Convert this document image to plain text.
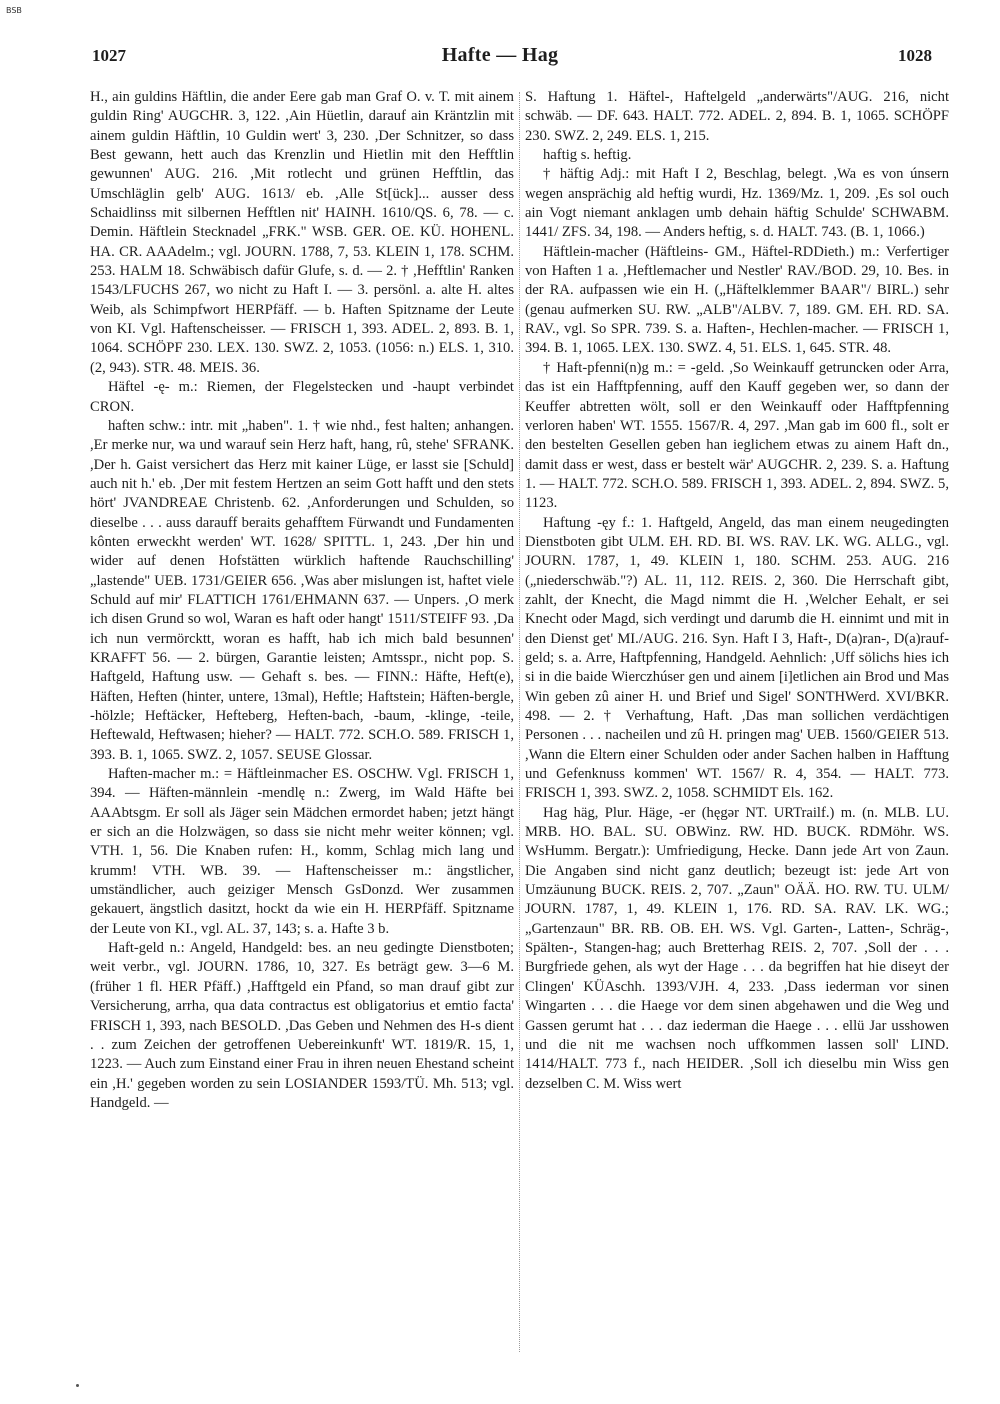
BSB
1027	Hafte — Hag	1028

H., ain guldins Häftlin, die ander Eere gab man Graf O. v. T. mit ainem guldin Ring' AUGCHR. 3, 122. ,Ain Hüetlin, darauf ain Kräntzlin mit ainem guldin Häftlin, 10 Guldin wert' 3, 230. ,Der Schnitzer, so dass Best gewann, hett auch das Krenzlin und Hietlin mit den Hefftlin gewunnen' AUG. 216. ,Mit rotlecht und grünen Hefftlin, das Umschläglin gelb' AUG. 1613/ eb. ,Alle St[ück]... ausser dess Schaidlinss mit silbernen Hefftlen nit' HAINH. 1610/QS. 6, 78. — c. Demin. Häftlein Stecknadel „FRK." WSB. GER. OE. KÜ. HOHENL. HA. CR. AAAdelm.; vgl. JOURN. 1788, 7, 53. KLEIN 1, 178. SCHM. 253. HALM 18. Schwäbisch dafür Glufe, s. d. — 2. † ,Hefftlin' Ranken 1543/LFUCHS 267, wo nicht zu Haft I. — 3. persönl. a. alte H. altes Weib, als Schimpfwort HERPfäff. — b. Haften Spitzname der Leute von KI. Vgl. Haftenscheisser. — FRISCH 1, 393. ADEL. 2, 893. B. 1, 1064. SCHÖPF 230. LEX. 130. SWZ. 2, 1053. (1056: n.) ELS. 1, 310. (2, 943). STR. 48. MEIS. 36.

Häftel -ę- m.: Riemen, der Flegelstecken und -haupt verbindet CRON.

haften schw.: intr. mit „haben". 1. † wie nhd., fest halten; anhangen. ,Er merke nur, wa und warauf sein Herz haft, hang, rû, stehe' SFRANK. ,Der h. Gaist versichert das Herz mit kainer Lüge, er lasst sie [Schuld] auch nit h.' eb. ,Der mit festem Hertzen an seim Gott hafft und den stets hört' JVANDREAE Christenb. 62. ,Anforderungen und Schulden, so dieselbe . . . auss darauff beraits gehafftem Fürwandt und Fundamenten kônten erweckht werden' WT. 1628/ SPITTL. 1, 243. ,Der hin und wider auf denen Hofstätten würklich haftende Rauchschilling' „lastende" UEB. 1731/GEIER 656. ,Was aber mislungen ist, haftet viele Schuld auf mir' FLATTICH 1761/EHMANN 637. — Unpers. ,O merk ich disen Grund so wol, Waran es haft oder hangt' 1511/STEIFF 93. ,Da ich nun vermörcktt, woran es hafft, hab ich mich bald besunnen' KRAFFT 56. — 2. bürgen, Garantie leisten; Amtsspr., nicht pop. S. Haftgeld, Haftung usw. — Gehaft s. bes. — FINN.: Häfte, Heft(e), Häften, Heften (hinter, untere, 13mal), Heftle; Haftstein; Häften-bergle, -hölzle; Heftäcker, Hefteberg, Heften-bach, -baum, -klinge, -teile, Heftewald, Heftwasen; hieher? — HALT. 772. SCH.O. 589. FRISCH 1, 393. B. 1, 1065. SWZ. 2, 1057. SEUSE Glossar.

Haften-macher m.: = Häftleinmacher ES. OSCHW. Vgl. FRISCH 1, 394. — Häften-männlein -mendlę n.: Zwerg, im Wald Häfte bei AAAbtsgm. Er soll als Jäger sein Mädchen ermordet haben; jetzt hängt er sich an die Holzwägen, so dass sie nicht mehr weiter können; vgl. VTH. 1, 56. Die Knaben rufen: H., komm, Schlag mich lang und krumm! VTH. WB. 39. — Haftenscheisser m.: ängstlicher, umständlicher, auch geiziger Mensch GsDonzd. Wer zusammen gekauert, ängstlich dasitzt, hockt da wie ein H. HERPfäff. Spitzname der Leute von KI., vgl. AL. 37, 143; s. a. Hafte 3 b.

Haft-geld n.: Angeld, Handgeld: bes. an neu gedingte Dienstboten; weit verbr., vgl. JOURN. 1786, 10, 327. Es beträgt gew. 3—6 M. (früher 1 fl. HER Pfäff.) ,Hafftgeld ein Pfand, so man drauf gibt zur Versicherung, arrha, qua data contractus est obligatorius et emtio facta' FRISCH 1, 393, nach BESOLD. ,Das Geben und Nehmen des H-s dient . . zum Zeichen der getroffenen Uebereinkunft' WT. 1819/R. 15, 1, 1223. — Auch zum Einstand einer Frau in ihren neuen Ehestand scheint ein ,H.' gegeben worden zu sein LOSIANDER 1593/TÜ. Mh. 513; vgl. Handgeld. —

S. Haftung 1. Häftel-, Haftelgeld „anderwärts"/AUG. 216, nicht schwäb. — DF. 643. HALT. 772. ADEL. 2, 894. B. 1, 1065. SCHÖPF 230. SWZ. 2, 249. ELS. 1, 215.

haftig s. heftig.

† häftig Adj.: mit Haft I 2, Beschlag, belegt. ,Wa es von únsern wegen ansprächig ald heftig wurdi, Hz. 1369/Mz. 1, 209. ,Es sol ouch ain Vogt niemant anklagen umb dehain häftig Schulde' SCHWABM. 1441/ ZFS. 34, 198. — Anders heftig, s. d. HALT. 743. (B. 1, 1066.)

Häftlein-macher (Häftleins- GM., Häftel-RDDieth.) m.: Verfertiger von Haften 1 a. ,Heftlemacher und Nestler' RAV./BOD. 29, 10. Bes. in der RA. aufpassen wie ein H. („Häftelklemmer BAAR"/ BIRL.) sehr (genau aufmerken SU. RW. „ALB"/ALBV. 7, 189. GM. EH. RD. SA. RAV., vgl. So SPR. 739. S. a. Haften-, Hechlen-macher. — FRISCH 1, 394. B. 1, 1065. LEX. 130. SWZ. 4, 51. ELS. 1, 645. STR. 48.

† Haft-pfenni(n)g m.: = -geld. ,So Weinkauff getruncken oder Arra, das ist ein Hafftpfenning, auff den Kauff gegeben wer, so dann der Keuffer abtretten wölt, soll er den Weinkauff oder Hafftpfenning verloren haben' WT. 1555. 1567/R. 4, 297. ,Man gab im 600 fl., solt er den bestelten Gesellen geben han ieglichem etwas zu ainem Haft dn., damit dass er west, dass er bestelt wär' AUGCHR. 2, 239. S. a. Haftung 1. — HALT. 772. SCH.O. 589. FRISCH 1, 393. ADEL. 2, 894. SWZ. 5, 1123.

Haftung -ęy f.: 1. Haftgeld, Angeld, das man einem neugedingten Dienstboten gibt ULM. EH. RD. BI. WS. RAV. LK. WG. ALLG., vgl. JOURN. 1787, 1, 49. KLEIN 1, 180. SCHM. 253. AUG. 216 („niederschwäb."?) AL. 11, 112. REIS. 2, 360. Die Herrschaft gibt, zahlt, der Knecht, die Magd nimmt die H. ,Welcher Eehalt, er sei Knecht oder Magd, sich verdingt und darumb die H. einnimt und mit in den Dienst get' MI./AUG. 216. Syn. Haft I 3, Haft-, D(a)ran-, D(a)rauf-geld; s. a. Arre, Haftpfenning, Handgeld. Aehnlich: ,Uff sölichs hies ich si in die baide Wierczhúser gen und ainem [i]etlichen ain Brod und Mas Win geben zû ainer H. und Brief und Sigel' SONTHWerd. XVI/BKR. 498. — 2. † Verhaftung, Haft. ,Das man sollichen verdächtigen Personen . . . nacheilen und zû H. pringen mag' UEB. 1560/GEIER 513. ,Wann die Eltern einer Schulden oder ander Sachen halben in Hafftung und Gefenknuss kommen' WT. 1567/ R. 4, 354. — HALT. 773. FRISCH 1, 393. SWZ. 2, 1058. SCHMIDT Els. 162.

Hag häg, Plur. Häge, -er (hęgər NT. URTrailf.) m. (n. MLB. LU. MRB. HO. BAL. SU. OBWinz. RW. HD. BUCK. RDMöhr. WS. WsHumm. Bergatr.): Umfriedigung, Hecke. Dann jede Art von Zaun. Die Angaben sind nicht ganz deutlich; bezeugt ist: jede Art von Umzäunung BUCK. REIS. 2, 707. „Zaun" OÄÄ. HO. RW. TU. ULM/ JOURN. 1787, 1, 49. KLEIN 1, 176. RD. SA. RAV. LK. WG.; „Gartenzaun" BR. RB. OB. EH. WS. Vgl. Garten-, Latten-, Schräg-, Spälten-, Stangen-hag; auch Bretterhag REIS. 2, 707. ,Soll der . . . Burgfriede gehen, als wyt der Hage . . . da begriffen hat hie diseyt der Clingen' KÜAschh. 1393/VJH. 4, 233. ,Dass iederman vor sinen Wingarten . . . die Haege vor dem sinen abgehawen und die Weg und Gassen gerumt hat . . . daz iederman die Haege . . . ellü Jar usshowen und die nit me wachsen noch uffkommen lassen soll' LIND. 1414/HALT. 773 f., nach HEIDER. ,Soll ich dieselbu min Wiss gen dezselben C. M. Wiss wert
